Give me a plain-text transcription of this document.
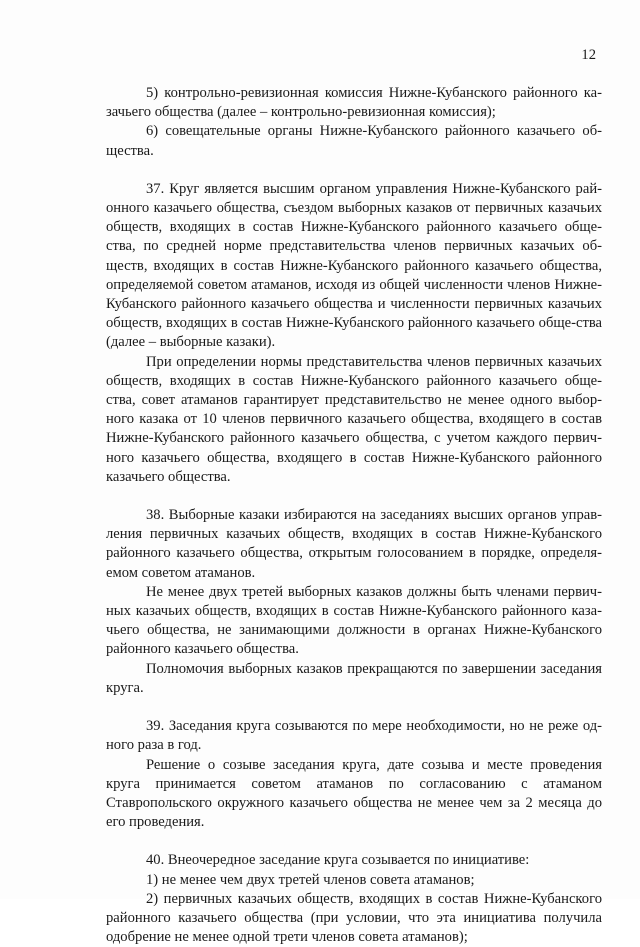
12

5) контрольно-ревизионная комиссия Нижне-Кубанского районного ка-зачьего общества (далее – контрольно-ревизионная комиссия);

6) совещательные органы Нижне-Кубанского районного казачьего об-щества.

37. Круг является высшим органом управления Нижне-Кубанского рай-онного казачьего общества, съездом выборных казаков от первичных казачьих обществ, входящих в состав Нижне-Кубанского районного казачьего обще-ства, по средней норме представительства членов первичных казачьих об-ществ, входящих в состав Нижне-Кубанского районного казачьего общества, определяемой советом атаманов, исходя из общей численности членов Нижне-Кубанского районного казачьего общества и численности первичных казачьих обществ, входящих в состав Нижне-Кубанского районного казачьего обще-ства (далее – выборные казаки).

При определении нормы представительства членов первичных казачьих обществ, входящих в состав Нижне-Кубанского районного казачьего обще-ства, совет атаманов гарантирует представительство не менее одного выбор-ного казака от 10 членов первичного казачьего общества, входящего в состав Нижне-Кубанского районного казачьего общества, с учетом каждого первич-ного казачьего общества, входящего в состав Нижне-Кубанского районного казачьего общества.

38. Выборные казаки избираются на заседаниях высших органов управ-ления первичных казачьих обществ, входящих в состав Нижне-Кубанского районного казачьего общества, открытым голосованием в порядке, определя-емом советом атаманов.

Не менее двух третей выборных казаков должны быть членами первич-ных казачьих обществ, входящих в состав Нижне-Кубанского районного каза-чьего общества, не занимающими должности в органах Нижне-Кубанского районного казачьего общества.

Полномочия выборных казаков прекращаются по завершении заседания круга.

39. Заседания круга созываются по мере необходимости, но не реже од-ного раза в год.

Решение о созыве заседания круга, дате созыва и месте проведения круга принимается советом атаманов по согласованию с атаманом Ставропольского окружного казачьего общества не менее чем за 2 месяца до его проведения.

40. Внеочередное заседание круга созывается по инициативе:

1) не менее чем двух третей членов совета атаманов;

2) первичных казачьих обществ, входящих в состав Нижне-Кубанского районного казачьего общества (при условии, что эта инициатива получила одобрение не менее одной трети членов совета атаманов);
